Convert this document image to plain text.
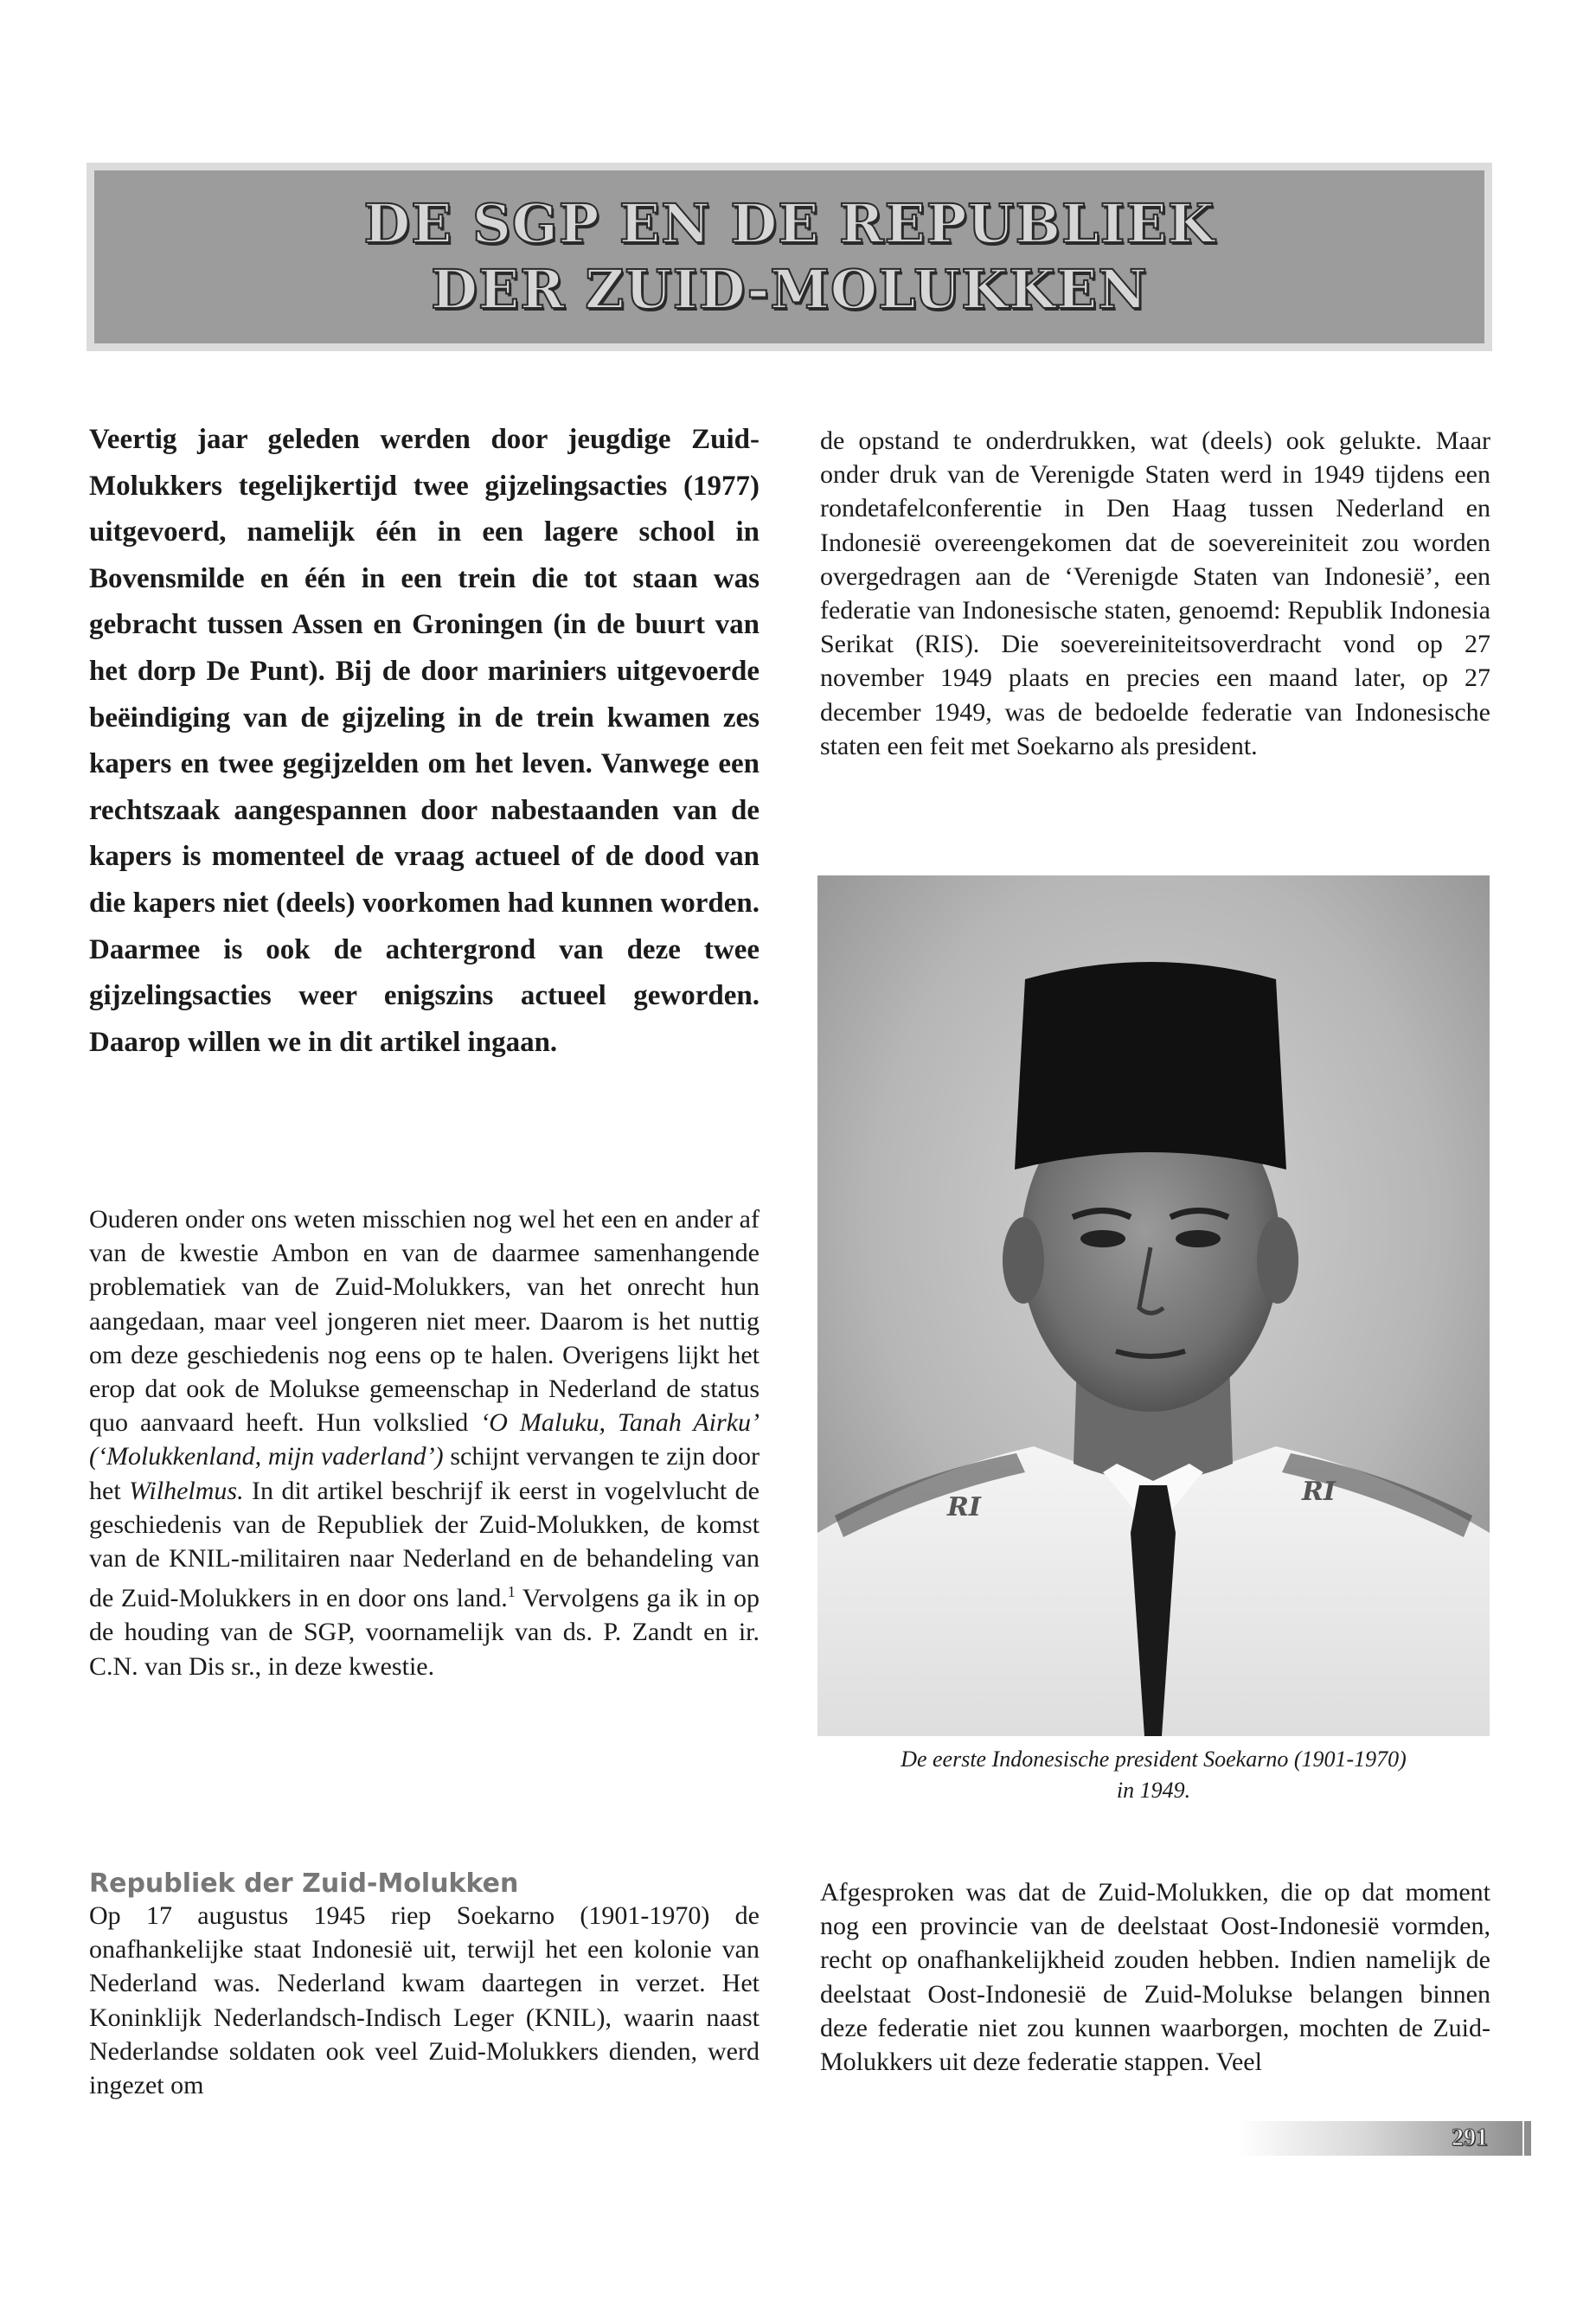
DE SGP EN DE REPUBLIEK
DER ZUID-MOLUKKEN

Veertig jaar geleden werden door jeugdige Zuid-Molukkers tegelijkertijd twee gijzelingsacties (1977) uitgevoerd, namelijk één in een lagere school in Bovensmilde en één in een trein die tot staan was gebracht tussen Assen en Groningen (in de buurt van het dorp De Punt). Bij de door mariniers uitgevoerde beëindiging van de gijzeling in de trein kwamen zes kapers en twee gegijzelden om het leven. Vanwege een rechtszaak aangespannen door nabestaanden van de kapers is momenteel de vraag actueel of de dood van die kapers niet (deels) voorkomen had kunnen worden. Daarmee is ook de achtergrond van deze twee gijzelingsacties weer enigszins actueel geworden. Daarop willen we in dit artikel ingaan.

Ouderen onder ons weten misschien nog wel het een en ander af van de kwestie Ambon en van de daarmee samenhangende problematiek van de Zuid-Molukkers, van het onrecht hun aangedaan, maar veel jongeren niet meer. Daarom is het nuttig om deze geschiedenis nog eens op te halen. Overigens lijkt het erop dat ook de Molukse gemeenschap in Nederland de status quo aanvaard heeft. Hun volkslied ‘O Maluku, Tanah Airku’ (‘Molukkenland, mijn vaderland’) schijnt vervangen te zijn door het Wilhelmus. In dit artikel beschrijf ik eerst in vogelvlucht de geschiedenis van de Republiek der Zuid-Molukken, de komst van de KNIL-militairen naar Nederland en de behandeling van de Zuid-Molukkers in en door ons land.$^1$ Vervolgens ga ik in op de houding van de SGP, voornamelijk van ds. P. Zandt en ir. C.N. van Dis sr., in deze kwestie.

Republiek der Zuid-Molukken

Op 17 augustus 1945 riep Soekarno (1901-1970) de onafhankelijke staat Indonesië uit, terwijl het een kolonie van Nederland was. Nederland kwam daartegen in verzet. Het Koninklijk Nederlandsch-Indisch Leger (KNIL), waarin naast Nederlandse soldaten ook veel Zuid-Molukkers dienden, werd ingezet om

de opstand te onderdrukken, wat (deels) ook gelukte. Maar onder druk van de Verenigde Staten werd in 1949 tijdens een rondetafelconferentie in Den Haag tussen Nederland en Indonesië overeengekomen dat de soevereiniteit zou worden overgedragen aan de ‘Verenigde Staten van Indonesië’, een federatie van Indonesische staten, genoemd: Republik Indonesia Serikat (RIS). Die soevereiniteitsoverdracht vond op 27 november 1949 plaats en precies een maand later, op 27 december 1949, was de bedoelde federatie van Indonesische staten een feit met Soekarno als president.

RI
RI

De eerste Indonesische president Soekarno (1901-1970)
in 1949.

Afgesproken was dat de Zuid-Molukken, die op dat moment nog een provincie van de deelstaat Oost-Indonesië vormden, recht op onafhankelijkheid zouden hebben. Indien namelijk de deelstaat Oost-Indonesië de Zuid-Molukse belangen binnen deze federatie niet zou kunnen waarborgen, mochten de Zuid-Molukkers uit deze federatie stappen. Veel

291
